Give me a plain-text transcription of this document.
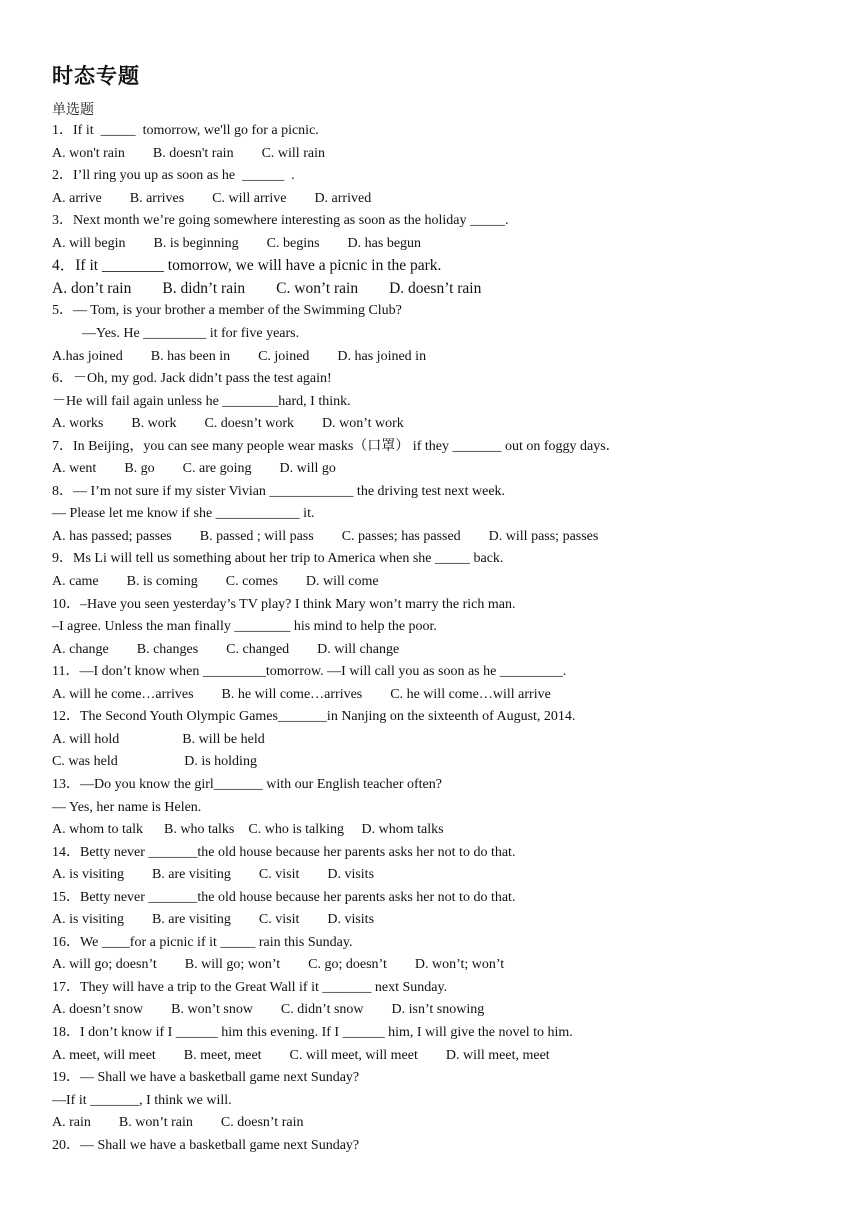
时态专题
单选题
1．If it  _____  tomorrow, we'll go for a picnic.
A. won't rain        B. doesn't rain        C. will rain
2．I’ll ring you up as soon as he  ______  .
A. arrive        B. arrives        C. will arrive        D. arrived
3．Next month we’re going somewhere interesting as soon as the holiday _____.
A. will begin        B. is beginning        C. begins        D. has begun
4．If it ________ tomorrow, we will have a picnic in the park.
A. don’t rain        B. didn’t rain        C. won’t rain        D. doesn’t rain
5．— Tom, is your brother a member of the Swimming Club?
—Yes. He _________ it for five years.
A.has joined        B. has been in        C. joined        D. has joined in
6．－Oh, my god. Jack didn’t pass the test again!
－He will fail again unless he ________hard, I think.
A. works        B. work        C. doesn’t work        D. won’t work
7．In Beijing，you can see many people wear masks（口罩） if they _______ out on foggy days．
A. went        B. go        C. are going        D. will go
8．— I’m not sure if my sister Vivian ____________ the driving test next week.
— Please let me know if she ____________ it.
A. has passed; passes        B. passed ; will pass        C. passes; has passed        D. will pass; passes
9．Ms Li will tell us something about her trip to America when she _____ back.
A. came        B. is coming        C. comes        D. will come
10．–Have you seen yesterday’s TV play? I think Mary won’t marry the rich man.
–I agree. Unless the man finally ________ his mind to help the poor.
A. change        B. changes        C. changed        D. will change
11．—I don’t know when _________tomorrow. —I will call you as soon as he _________.
A. will he come…arrives        B. he will come…arrives        C. he will come…will arrive
12．The Second Youth Olympic Games_______in Nanjing on the sixteenth of August, 2014.
A. will hold                  B. will be held
C. was held                   D. is holding
13．—Do you know the girl_______ with our English teacher often?
— Yes, her name is Helen.
A. whom to talk      B. who talks    C. who is talking     D. whom talks
14．Betty never _______the old house because her parents asks her not to do that.
A. is visiting        B. are visiting        C. visit        D. visits
15．Betty never _______the old house because her parents asks her not to do that.
A. is visiting        B. are visiting        C. visit        D. visits
16．We ____for a picnic if it _____ rain this Sunday.
A. will go; doesn’t        B. will go; won’t        C. go; doesn’t        D. won’t; won’t
17．They will have a trip to the Great Wall if it _______ next Sunday.
A. doesn’t snow        B. won’t snow        C. didn’t snow        D. isn’t snowing
18．I don’t know if I ______ him this evening. If I ______ him, I will give the novel to him.
A. meet, will meet        B. meet, meet        C. will meet, will meet        D. will meet, meet
19．— Shall we have a basketball game next Sunday?
—If it _______, I think we will.
A. rain        B. won’t rain        C. doesn’t rain
20．— Shall we have a basketball game next Sunday?
